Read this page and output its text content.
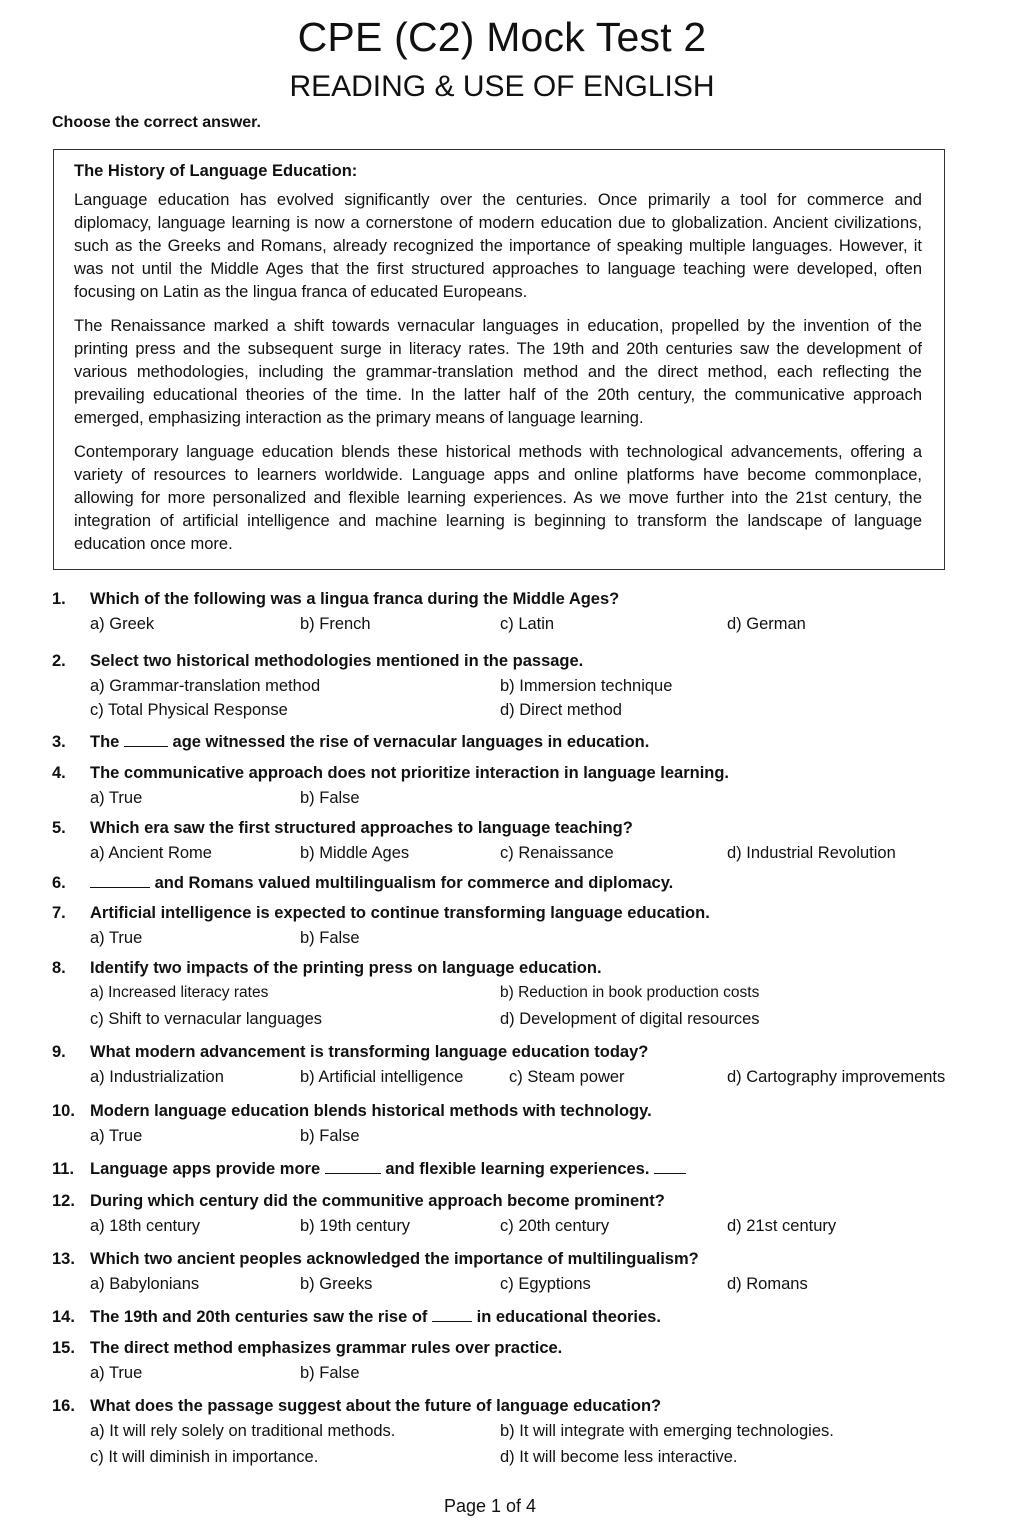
CPE (C2) Mock Test 2
READING & USE OF ENGLISH
Choose the correct answer.
The History of Language Education:

Language education has evolved significantly over the centuries. Once primarily a tool for commerce and diplomacy, language learning is now a cornerstone of modern education due to globalization. Ancient civilizations, such as the Greeks and Romans, already recognized the importance of speaking multiple languages. However, it was not until the Middle Ages that the first structured approaches to language teaching were developed, often focusing on Latin as the lingua franca of educated Europeans.

The Renaissance marked a shift towards vernacular languages in education, propelled by the invention of the printing press and the subsequent surge in literacy rates. The 19th and 20th centuries saw the development of various methodologies, including the grammar-translation method and the direct method, each reflecting the prevailing educational theories of the time. In the latter half of the 20th century, the communicative approach emerged, emphasizing interaction as the primary means of language learning.

Contemporary language education blends these historical methods with technological advancements, offering a variety of resources to learners worldwide. Language apps and online platforms have become commonplace, allowing for more personalized and flexible learning experiences. As we move further into the 21st century, the integration of artificial intelligence and machine learning is beginning to transform the landscape of language education once more.

1. Which of the following was a lingua franca during the Middle Ages?
a) Greek	b) French	c) Latin	d) German
2. Select two historical methodologies mentioned in the passage.
a) Grammar-translation method	b) Immersion technique
c) Total Physical Response	d) Direct method
3. The	age witnessed the rise of vernacular languages in education.
4. The communicative approach does not prioritize interaction in language learning.
a) True	b) False
5. Which era saw the first structured approaches to language teaching?
a) Ancient Rome	b) Middle Ages	c) Renaissance	d) Industrial Revolution
6.	and Romans valued multilingualism for commerce and diplomacy.
7. Artificial intelligence is expected to continue transforming language education.
a) True	b) False
8. Identify two impacts of the printing press on language education.
a) Increased literacy rates	b) Reduction in book production costs
c) Shift to vernacular languages	d) Development of digital resources
9. What modern advancement is transforming language education today?
a) Industrialization	b) Artificial intelligence	c) Steam power	d) Cartography improvements
10. Modern language education blends historical methods with technology.
a) True	b) False
11. Language apps provide more	and flexible learning experiences.
12. During which century did the communitive approach become prominent?
a) 18th century	b) 19th century	c) 20th century	d) 21st century
13. Which two ancient peoples acknowledged the importance of multilingualism?
a) Babylonians	b) Greeks	c) Egyptions	d) Romans
14. The 19th and 20th centuries saw the rise of	in educational theories.
15. The direct method emphasizes grammar rules over practice.
a) True	b) False
16. What does the passage suggest about the future of language education?
a) It will rely solely on traditional methods.	b) It will integrate with emerging technologies.
c) It will diminish in importance.	d) It will become less interactive.
Page 1 of 4
